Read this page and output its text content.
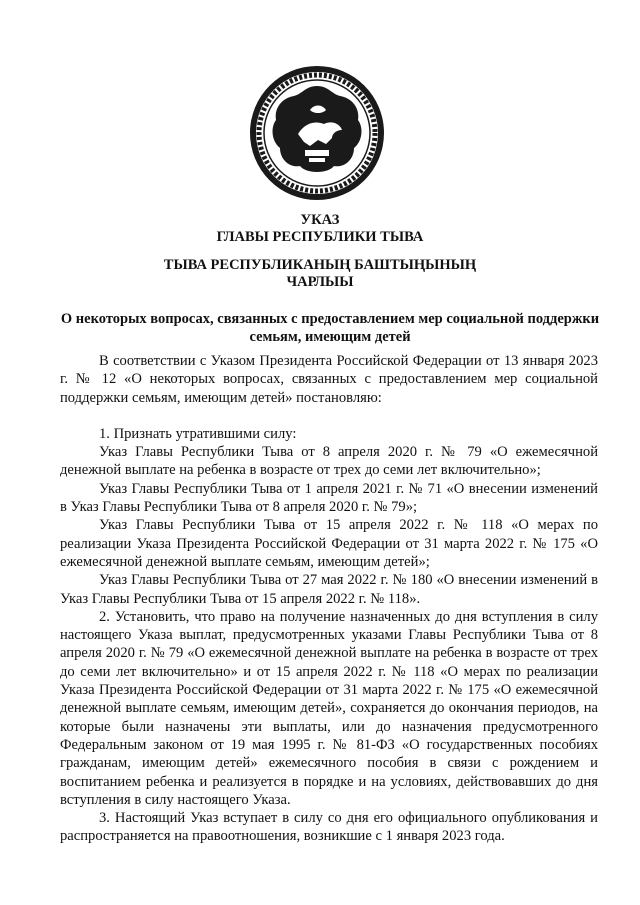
УКАЗ
ГЛАВЫ РЕСПУБЛИКИ ТЫВА
ТЫВА РЕСПУБЛИКАНЫҢ БАШТЫҢЫНЫҢ
ЧАРЛЫЫ
О некоторых вопросах, связанных с предоставлением мер социальной поддержки семьям, имеющим детей

В соответствии с Указом Президента Российской Федерации от 13 января 2023 г. № 12 «О некоторых вопросах, связанных с предоставлением мер социальной поддержки семьям, имеющим детей» постановляю:

1. Признать утратившими силу:

Указ Главы Республики Тыва от 8 апреля 2020 г. № 79 «О ежемесячной денежной выплате на ребенка в возрасте от трех до семи лет включительно»;

Указ Главы Республики Тыва от 1 апреля 2021 г. № 71 «О внесении изменений в Указ Главы Республики Тыва от 8 апреля 2020 г. № 79»;

Указ Главы Республики Тыва от 15 апреля 2022 г. № 118 «О мерах по реализации Указа Президента Российской Федерации от 31 марта 2022 г. № 175 «О ежемесячной денежной выплате семьям, имеющим детей»;

Указ Главы Республики Тыва от 27 мая 2022 г. № 180 «О внесении изменений в Указ Главы Республики Тыва от 15 апреля 2022 г. № 118».

2. Установить, что право на получение назначенных до дня вступления в силу настоящего Указа выплат, предусмотренных указами Главы Республики Тыва от 8 апреля 2020 г. № 79 «О ежемесячной денежной выплате на ребенка в возрасте от трех до семи лет включительно» и от 15 апреля 2022 г. № 118 «О мерах по реализации Указа Президента Российской Федерации от 31 марта 2022 г. № 175 «О ежемесячной денежной выплате семьям, имеющим детей», сохраняется до окончания периодов, на которые были назначены эти выплаты, или до назначения предусмотренного Федеральным законом от 19 мая 1995 г. № 81-ФЗ «О государственных пособиях гражданам, имеющим детей» ежемесячного пособия в связи с рождением и воспитанием ребенка и реализуется в порядке и на условиях, действовавших до дня вступления в силу настоящего Указа.

3. Настоящий Указ вступает в силу со дня его официального опубликования и распространяется на правоотношения, возникшие с 1 января 2023 года.
